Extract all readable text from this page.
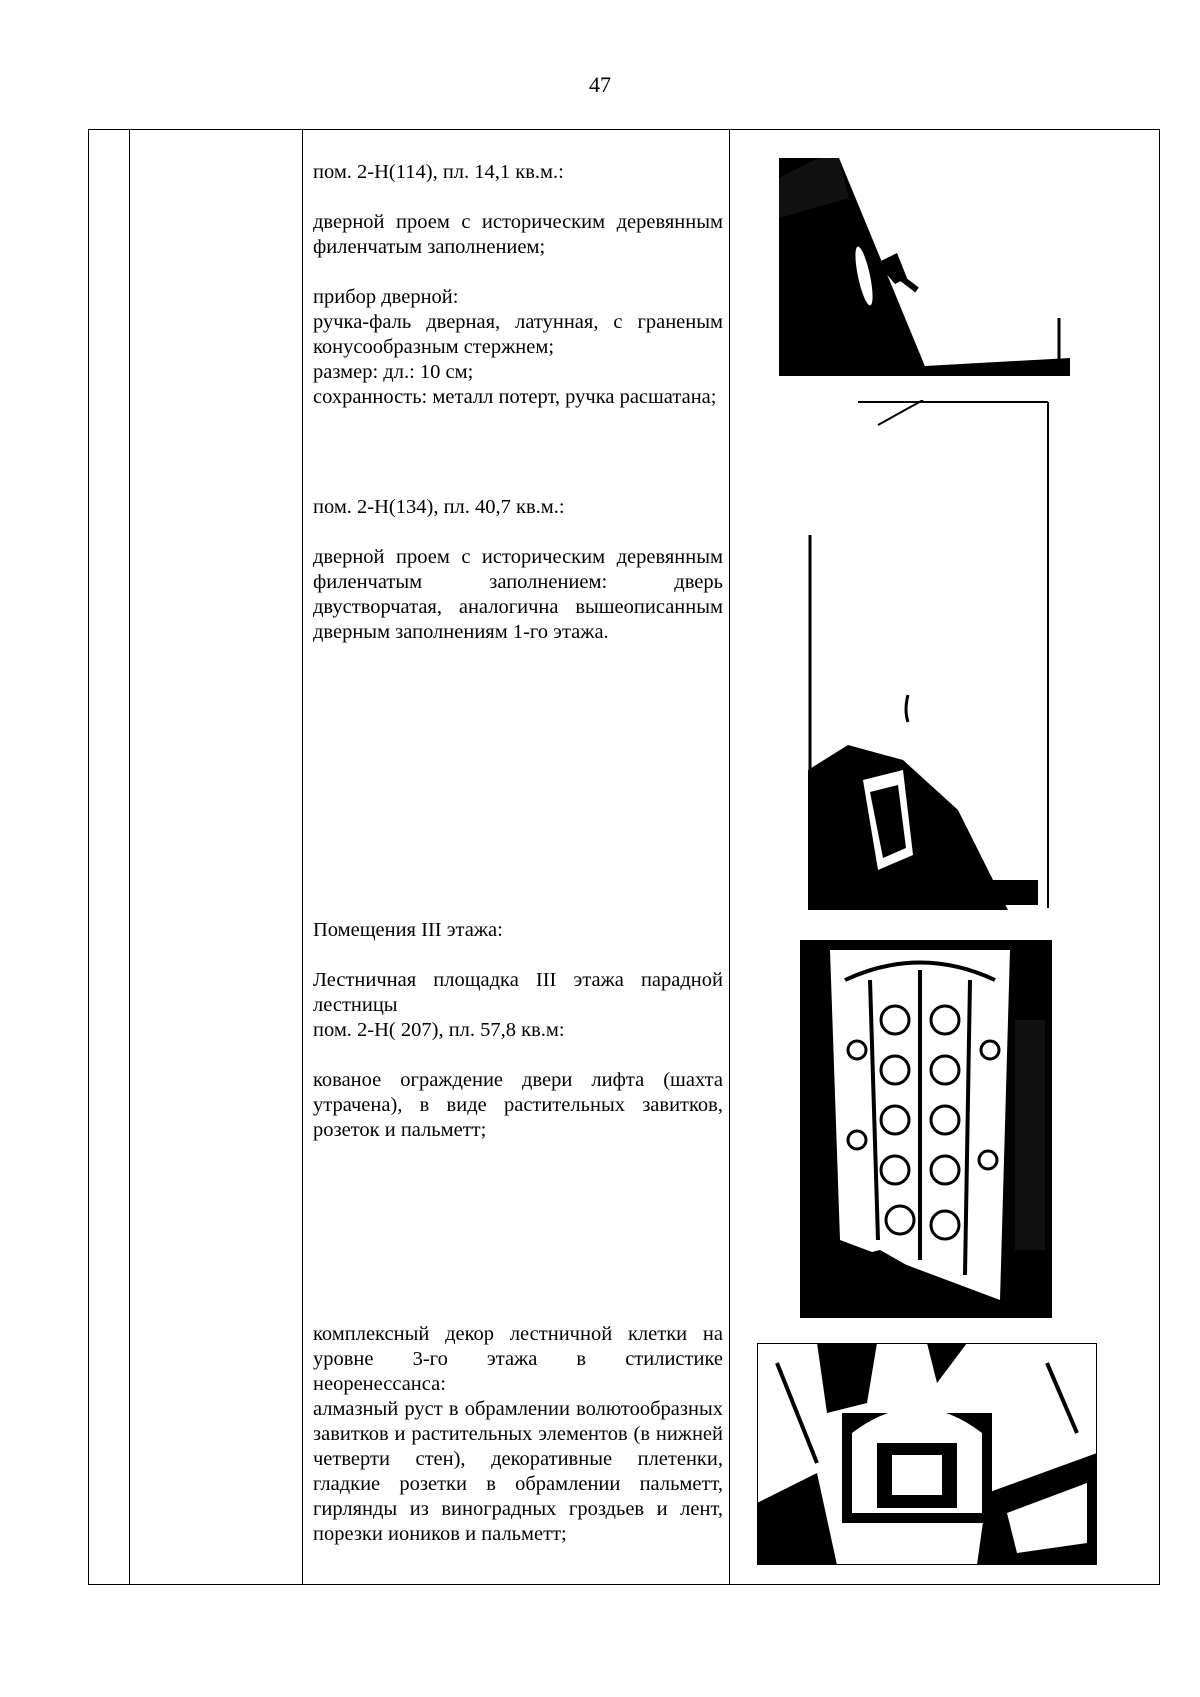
47

пом. 2-Н(114), пл. 14,1 кв.м.:

дверной проем с историческим деревянным филенчатым заполнением;

прибор дверной:

ручка-фаль дверная, латунная, с граненым конусообразным стержнем;

размер: дл.: 10 см;

сохранность: металл потерт, ручка расшатана;

пом. 2-Н(134), пл. 40,7 кв.м.:

дверной проем с историческим деревянным филенчатым заполнением: дверь двустворчатая, аналогична вышеописанным дверным заполнениям 1-го этажа.

Помещения III этажа:

Лестничная площадка III этажа парадной лестницы

пом. 2-Н( 207), пл. 57,8 кв.м:

кованое ограждение двери лифта (шахта утрачена), в виде растительных завитков, розеток и пальметт;

комплексный декор лестничной клетки на уровне 3-го этажа в стилистике неоренессанса:

алмазный руст в обрамлении волютообразных завитков и растительных элементов (в нижней четверти стен), декоративные плетенки, гладкие розетки в обрамлении пальметт, гирлянды из виноградных гроздьев и лент, порезки иоников и пальметт;
